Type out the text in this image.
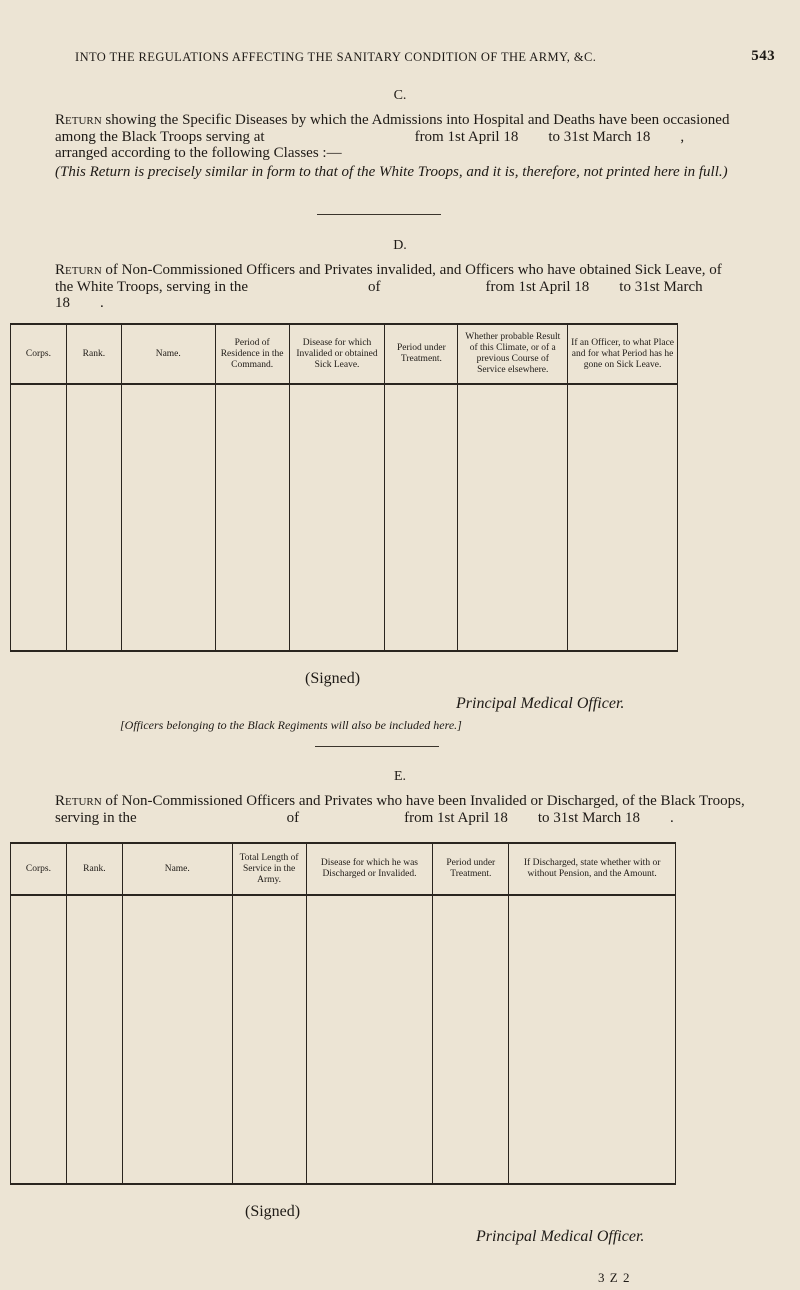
INTO THE REGULATIONS AFFECTING THE SANITARY CONDITION OF THE ARMY, &C.	543
C.
Return showing the Specific Diseases by which the Admissions into Hospital and Deaths have been occasioned among the Black Troops serving at          from 1st April 18  to 31st March 18  , arranged according to the following Classes :—
(This Return is precisely similar in form to that of the White Troops, and it is, therefore, not printed here in full.)
D.
Return of Non-Commissioned Officers and Privates invalided, and Officers who have obtained Sick Leave, of the White Troops, serving in the        of       from 1st April 18  to 31st March 18  .
Corps.	Rank.	Name.	Period of Residence in the Command.	Disease for which Invalided or obtained Sick Leave.	Period under Treatment.	Whether probable Result of this Climate, or of a previous Course of Service elsewhere.	If an Officer, to what Place and for what Period has he gone on Sick Leave.

(Signed)
Principal Medical Officer.
[Officers belonging to the Black Regiments will also be included here.]
E.
Return of Non-Commissioned Officers and Privates who have been Invalided or Discharged, of the Black Troops, serving in the          of       from 1st April 18  to 31st March 18  .
Corps.	Rank.	Name.	Total Length of Service in the Army.	Disease for which he was Discharged or Invalided.	Period under Treatment.	If Discharged, state whether with or without Pension, and the Amount.

(Signed)
Principal Medical Officer.
3 Z 2
